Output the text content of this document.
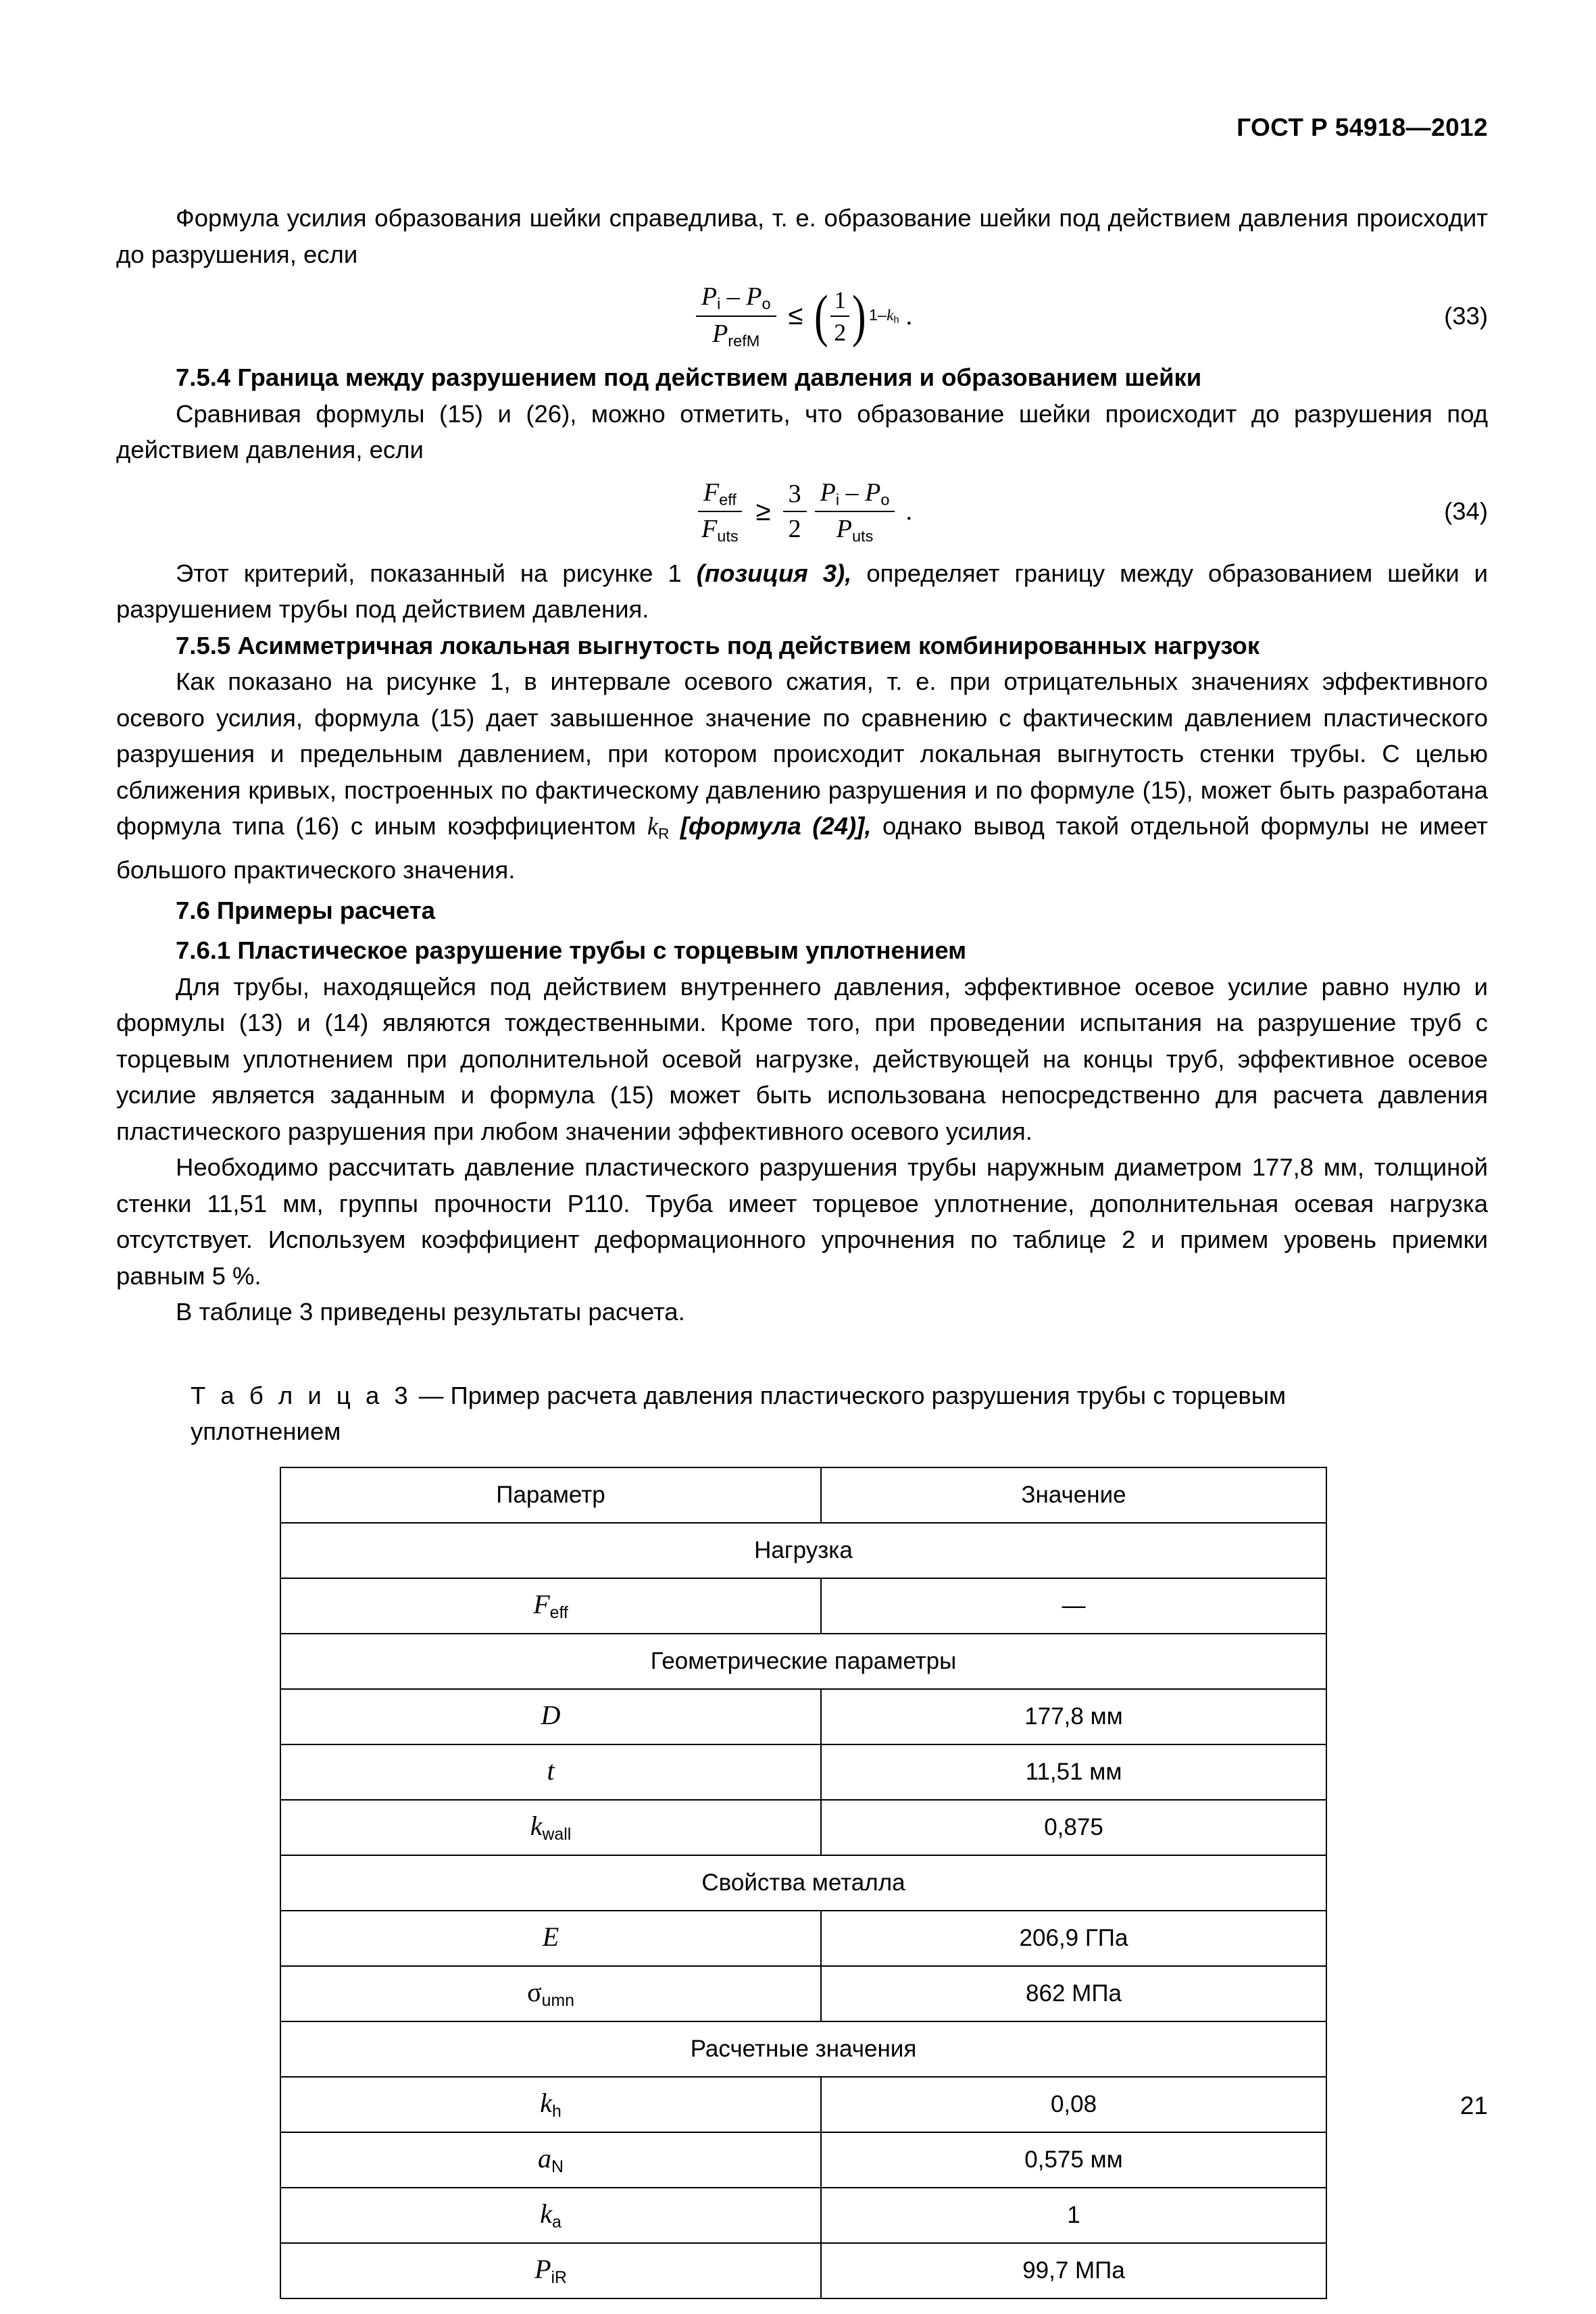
ГОСТ Р 54918—2012

Формула усилия образования шейки справедлива, т. е. образование шейки под действием давления происходит до разрушения, если

$\frac{P_i - P_o}{P_{refM}}$ ≤ ( $\frac{1}{2}$ ) $1-k_h$ .	(33)
7.5.4 Граница между разрушением под действием давления и образованием шейки

Сравнивая формулы (15) и (26), можно отметить, что образование шейки происходит до разрушения под действием давления, если

$\frac{F_{eff}}{F_{uts}} \ge \frac{3}{2} \frac{P_i - P_o}{P_{uts}}$ .	(34)

Этот критерий, показанный на рисунке 1 (позиция 3), определяет границу между образованием шейки и разрушением трубы под действием давления.

7.5.5 Асимметричная локальная выгнутость под действием комбинированных нагрузок

Как показано на рисунке 1, в интервале осевого сжатия, т. е. при отрицательных значениях эффективного осевого усилия, формула (15) дает завышенное значение по сравнению с фактическим давлением пластического разрушения и предельным давлением, при котором происходит локальная выгнутость стенки трубы. С целью сближения кривых, построенных по фактическому давлению разрушения и по формуле (15), может быть разработана формула типа (16) с иным коэффициентом $k_R$ [формула (24)], однако вывод такой отдельной формулы не имеет большого практического значения.

7.6 Примеры расчета
7.6.1 Пластическое разрушение трубы с торцевым уплотнением

Для трубы, находящейся под действием внутреннего давления, эффективное осевое усилие равно нулю и формулы (13) и (14) являются тождественными. Кроме того, при проведении испытания на разрушение труб с торцевым уплотнением при дополнительной осевой нагрузке, действующей на концы труб, эффективное осевое усилие является заданным и формула (15) может быть использована непосредственно для расчета давления пластического разрушения при любом значении эффективного осевого усилия.

Необходимо рассчитать давление пластического разрушения трубы наружным диаметром 177,8 мм, толщиной стенки 11,51 мм, группы прочности Р110. Труба имеет торцевое уплотнение, дополнительная осевая нагрузка отсутствует. Используем коэффициент деформационного упрочнения по таблице 2 и примем уровень приемки равным 5 %.

В таблице 3 приведены результаты расчета.

Т а б л и ц а 3 — Пример расчета давления пластического разрушения трубы с торцевым уплотнением
Параметр	Значение
Нагрузка	
$F_{eff}$	—
Геометрические параметры	
D	177,8 мм
t	11,51 мм
$k_{wall}$	0,875
Свойства металла	
E	206,9 ГПа
$\sigma_{umn}$	862 МПа
Расчетные значения	
$k_h$	0,08
$a_N$	0,575 мм
$k_a$	1
$P_{iR}$	99,7 МПа
21
